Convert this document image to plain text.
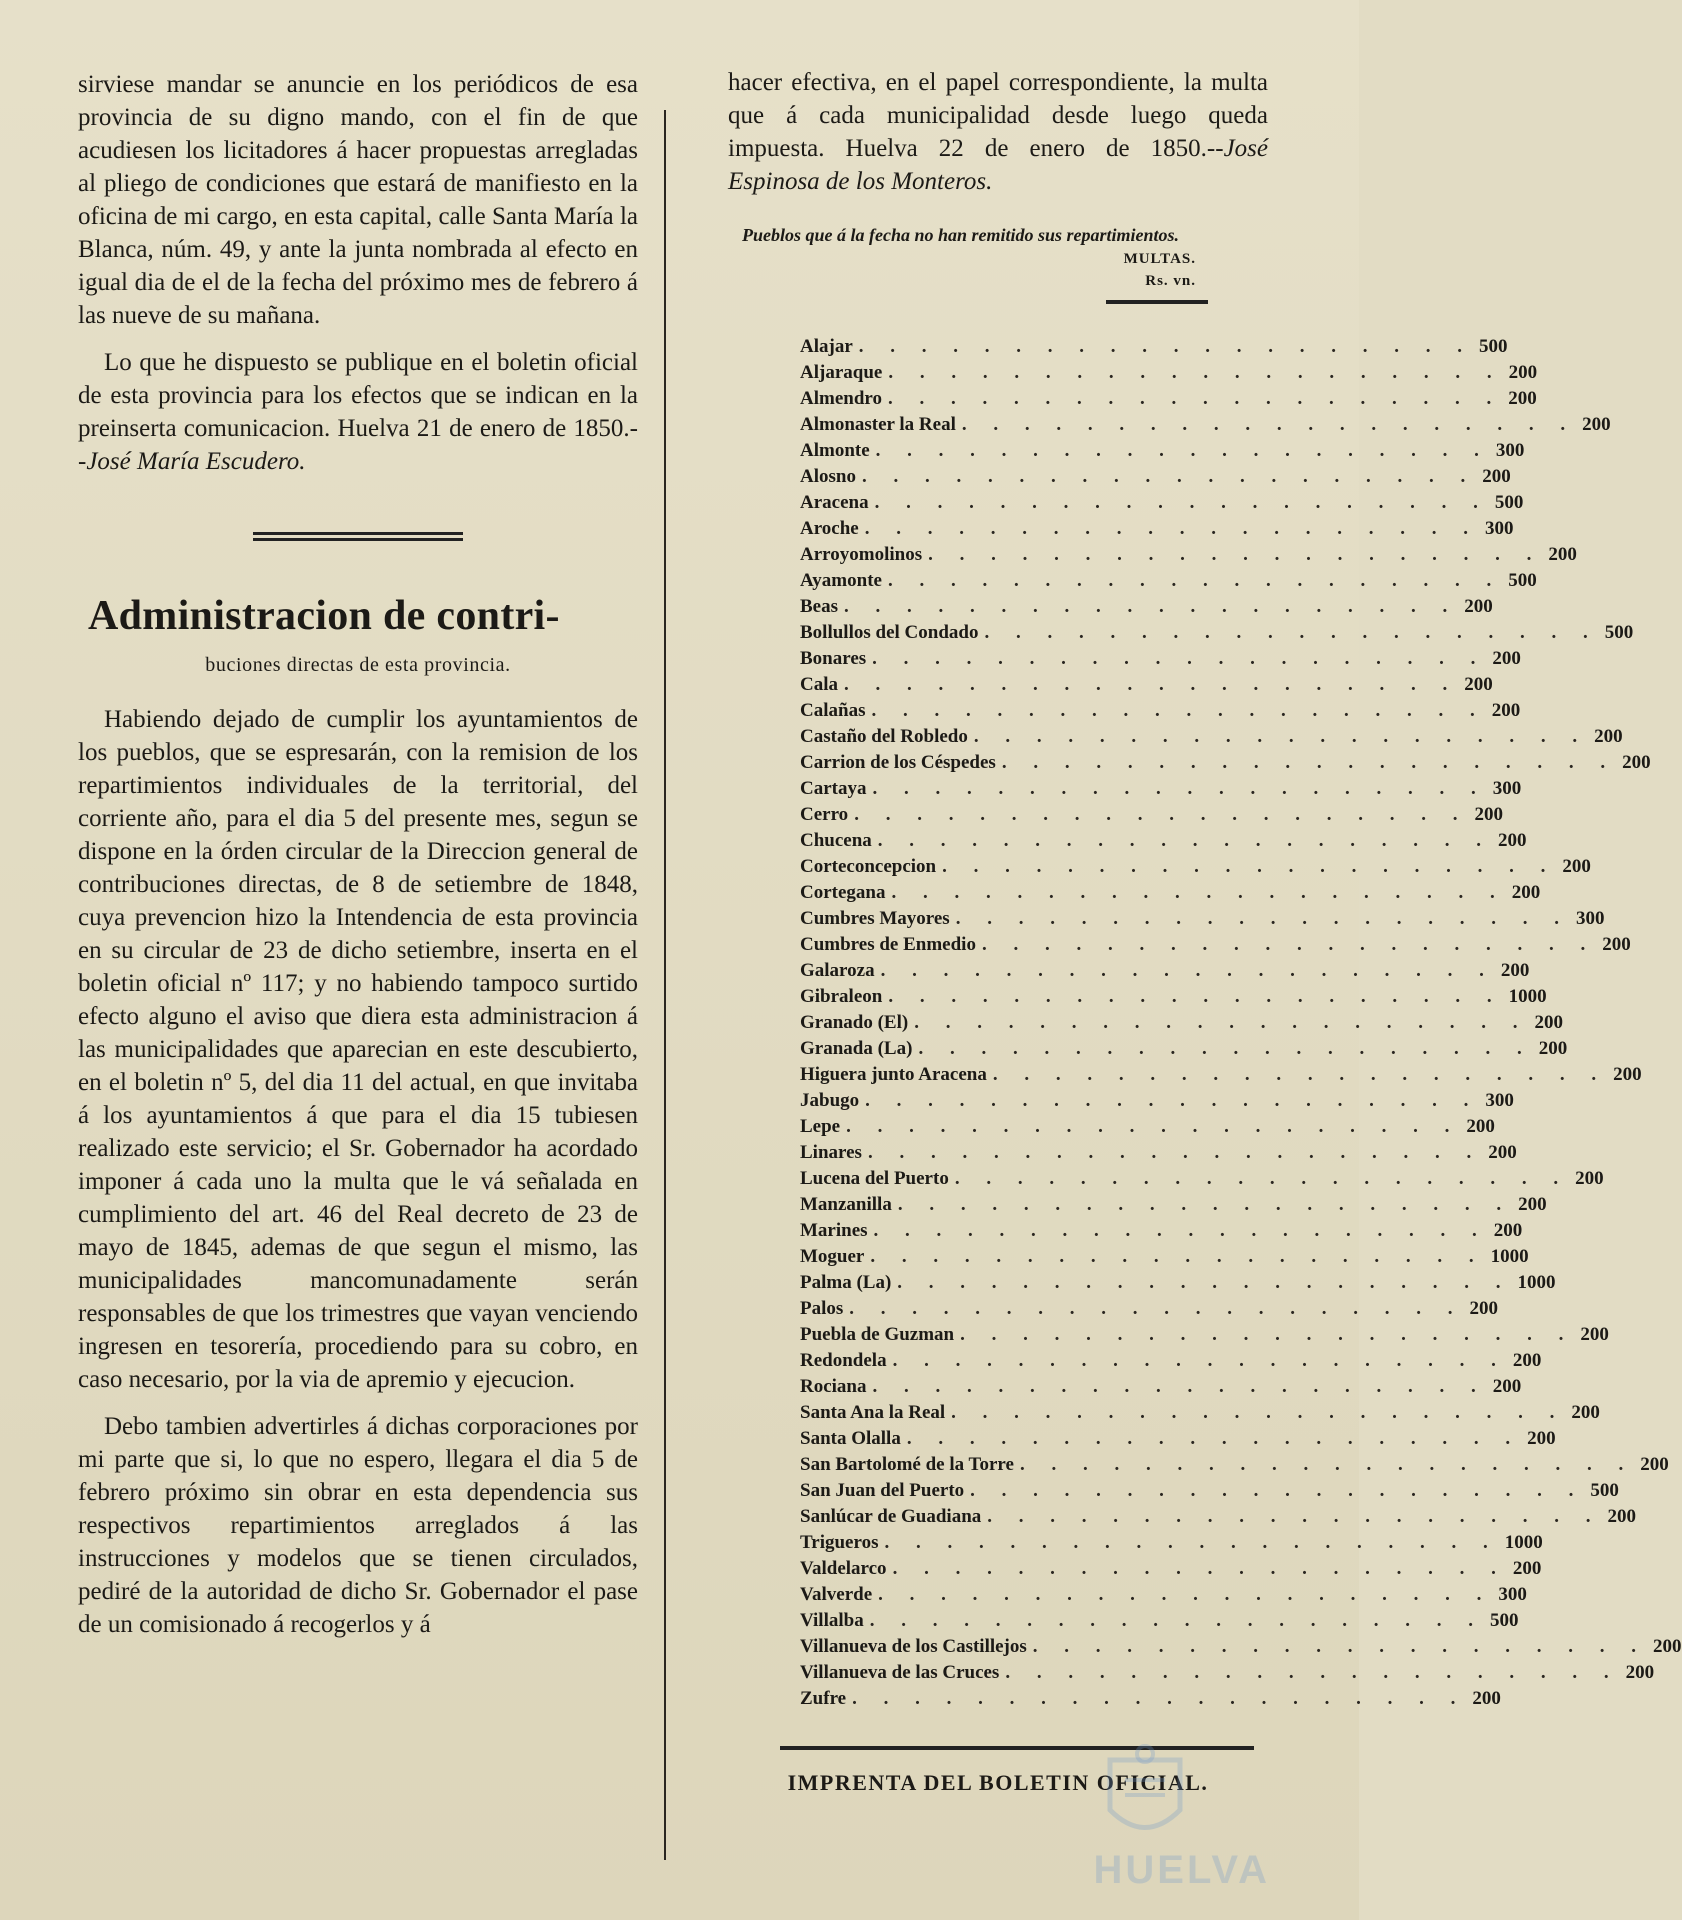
sirviese mandar se anuncie en los periódicos de esa provincia de su digno mando, con el fin de que acudiesen los licitadores á hacer propuestas arregladas al pliego de condiciones que estará de manifiesto en la oficina de mi cargo, en esta capital, calle Santa María la Blanca, núm. 49, y ante la junta nombrada al efecto en igual dia de el de la fecha del próximo mes de febrero á las nueve de su mañana.

Lo que he dispuesto se publique en el boletin oficial de esta provincia para los efectos que se indican en la preinserta comunicacion. Huelva 21 de enero de 1850.--José María Escudero.

Administracion de contri-
buciones directas de esta provincia.

Habiendo dejado de cumplir los ayuntamientos de los pueblos, que se espresarán, con la remision de los repartimientos individuales de la territorial, del corriente año, para el dia 5 del presente mes, segun se dispone en la órden circular de la Direccion general de contribuciones directas, de 8 de setiembre de 1848, cuya prevencion hizo la Intendencia de esta provincia en su circular de 23 de dicho setiembre, inserta en el boletin oficial nº 117; y no habiendo tampoco surtido efecto alguno el aviso que diera esta administracion á las municipalidades que aparecian en este descubierto, en el boletin nº 5, del dia 11 del actual, en que invitaba á los ayuntamientos á que para el dia 15 tubiesen realizado este servicio; el Sr. Gobernador ha acordado imponer á cada uno la multa que le vá señalada en cumplimiento del art. 46 del Real decreto de 23 de mayo de 1845, ademas de que segun el mismo, las municipalidades mancomunadamente serán responsables de que los trimestres que vayan venciendo ingresen en tesorería, procediendo para su cobro, en caso necesario, por la via de apremio y ejecucion.

Debo tambien advertirles á dichas corporaciones por mi parte que si, lo que no espero, llegara el dia 5 de febrero próximo sin obrar en esta dependencia sus respectivos repartimientos arreglados á las instrucciones y modelos que se tienen circulados, pediré de la autoridad de dicho Sr. Gobernador el pase de un comisionado á recogerlos y á

hacer efectiva, en el papel correspondiente, la multa que á cada municipalidad desde luego queda impuesta. Huelva 22 de enero de 1850.--José Espinosa de los Monteros.

Pueblos que á la fecha no han remitido sus repartimientos.
MULTAS.
Rs. vn.
Alajar . . . . . . . . . . . . . . . . . . . . 500
Aljaraque . . . . . . . . . . . . . . . . . . . . 200
Almendro . . . . . . . . . . . . . . . . . . . . 200
Almonaster la Real . . . . . . . . . . . . . . . . . . . . 200
Almonte . . . . . . . . . . . . . . . . . . . . 300
Alosno . . . . . . . . . . . . . . . . . . . . 200
Aracena . . . . . . . . . . . . . . . . . . . . 500
Aroche . . . . . . . . . . . . . . . . . . . . 300
Arroyomolinos . . . . . . . . . . . . . . . . . . . . 200
Ayamonte . . . . . . . . . . . . . . . . . . . . 500
Beas . . . . . . . . . . . . . . . . . . . . 200
Bollullos del Condado . . . . . . . . . . . . . . . . . . . . 500
Bonares . . . . . . . . . . . . . . . . . . . . 200
Cala . . . . . . . . . . . . . . . . . . . . 200
Calañas . . . . . . . . . . . . . . . . . . . . 200
Castaño del Robledo . . . . . . . . . . . . . . . . . . . . 200
Carrion de los Céspedes . . . . . . . . . . . . . . . . . . . . 200
Cartaya . . . . . . . . . . . . . . . . . . . . 300
Cerro . . . . . . . . . . . . . . . . . . . . 200
Chucena . . . . . . . . . . . . . . . . . . . . 200
Corteconcepcion . . . . . . . . . . . . . . . . . . . . 200
Cortegana . . . . . . . . . . . . . . . . . . . . 200
Cumbres Mayores . . . . . . . . . . . . . . . . . . . . 300
Cumbres de Enmedio . . . . . . . . . . . . . . . . . . . . 200
Galaroza . . . . . . . . . . . . . . . . . . . . 200
Gibraleon . . . . . . . . . . . . . . . . . . . . 1000
Granado (El) . . . . . . . . . . . . . . . . . . . . 200
Granada (La) . . . . . . . . . . . . . . . . . . . . 200
Higuera junto Aracena . . . . . . . . . . . . . . . . . . . . 200
Jabugo . . . . . . . . . . . . . . . . . . . . 300
Lepe . . . . . . . . . . . . . . . . . . . . 200
Linares . . . . . . . . . . . . . . . . . . . . 200
Lucena del Puerto . . . . . . . . . . . . . . . . . . . . 200
Manzanilla . . . . . . . . . . . . . . . . . . . . 200
Marines . . . . . . . . . . . . . . . . . . . . 200
Moguer . . . . . . . . . . . . . . . . . . . . 1000
Palma (La) . . . . . . . . . . . . . . . . . . . . 1000
Palos . . . . . . . . . . . . . . . . . . . . 200
Puebla de Guzman . . . . . . . . . . . . . . . . . . . . 200
Redondela . . . . . . . . . . . . . . . . . . . . 200
Rociana . . . . . . . . . . . . . . . . . . . . 200
Santa Ana la Real . . . . . . . . . . . . . . . . . . . . 200
Santa Olalla . . . . . . . . . . . . . . . . . . . . 200
San Bartolomé de la Torre . . . . . . . . . . . . . . . . . . . . 200
San Juan del Puerto . . . . . . . . . . . . . . . . . . . . 500
Sanlúcar de Guadiana . . . . . . . . . . . . . . . . . . . . 200
Trigueros . . . . . . . . . . . . . . . . . . . . 1000
Valdelarco . . . . . . . . . . . . . . . . . . . . 200
Valverde . . . . . . . . . . . . . . . . . . . . 300
Villalba . . . . . . . . . . . . . . . . . . . . 500
Villanueva de los Castillejos . . . . . . . . . . . . . . . . . . . . 200
Villanueva de las Cruces . . . . . . . . . . . . . . . . . . . . 200
Zufre . . . . . . . . . . . . . . . . . . . . 200
IMPRENTA DEL BOLETIN OFICIAL.
HUELVA
